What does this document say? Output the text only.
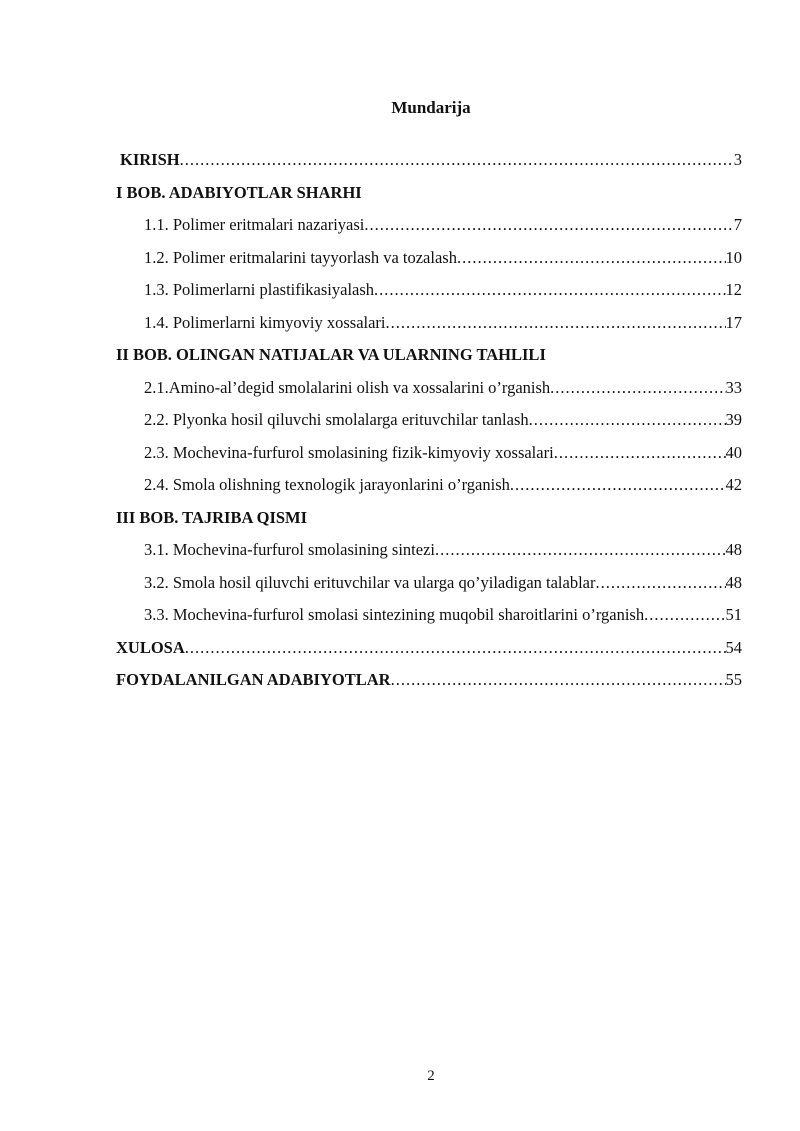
Mundarija
KIRISH .....	3
I BOB. ADABIYOTLAR SHARHI
1.1. Polimer eritmalari nazariyasi .....	7
1.2. Polimer eritmalarini tayyorlash va tozalash .....	10
1.3. Polimerlarni plastifikasiyalash .....	12
1.4. Polimerlarni kimyoviy xossalari .....	17
II BOB. OLINGAN NATIJALAR VA ULARNING TAHLILI
2.1.Amino-al’degid smolalarini olish va xossalarini o’rganish .....	33
2.2. Plyonka hosil qiluvchi smolalarga erituvchilar tanlash .....	39
2.3. Mochevina-furfurol smolasining fizik-kimyoviy xossalari .....	40
2.4. Smola olishning texnologik jarayonlarini o’rganish .....	42
III BOB. TAJRIBA QISMI
3.1. Mochevina-furfurol smolasining sintezi .....	48
3.2. Smola hosil qiluvchi erituvchilar va ularga qo’yiladigan talablar .....	48
3.3. Mochevina-furfurol smolasi sintezining muqobil sharoitlarini o’rganish .....	51
XULOSA .....	54
FOYDALANILGAN ADABIYOTLAR .....	55
2
